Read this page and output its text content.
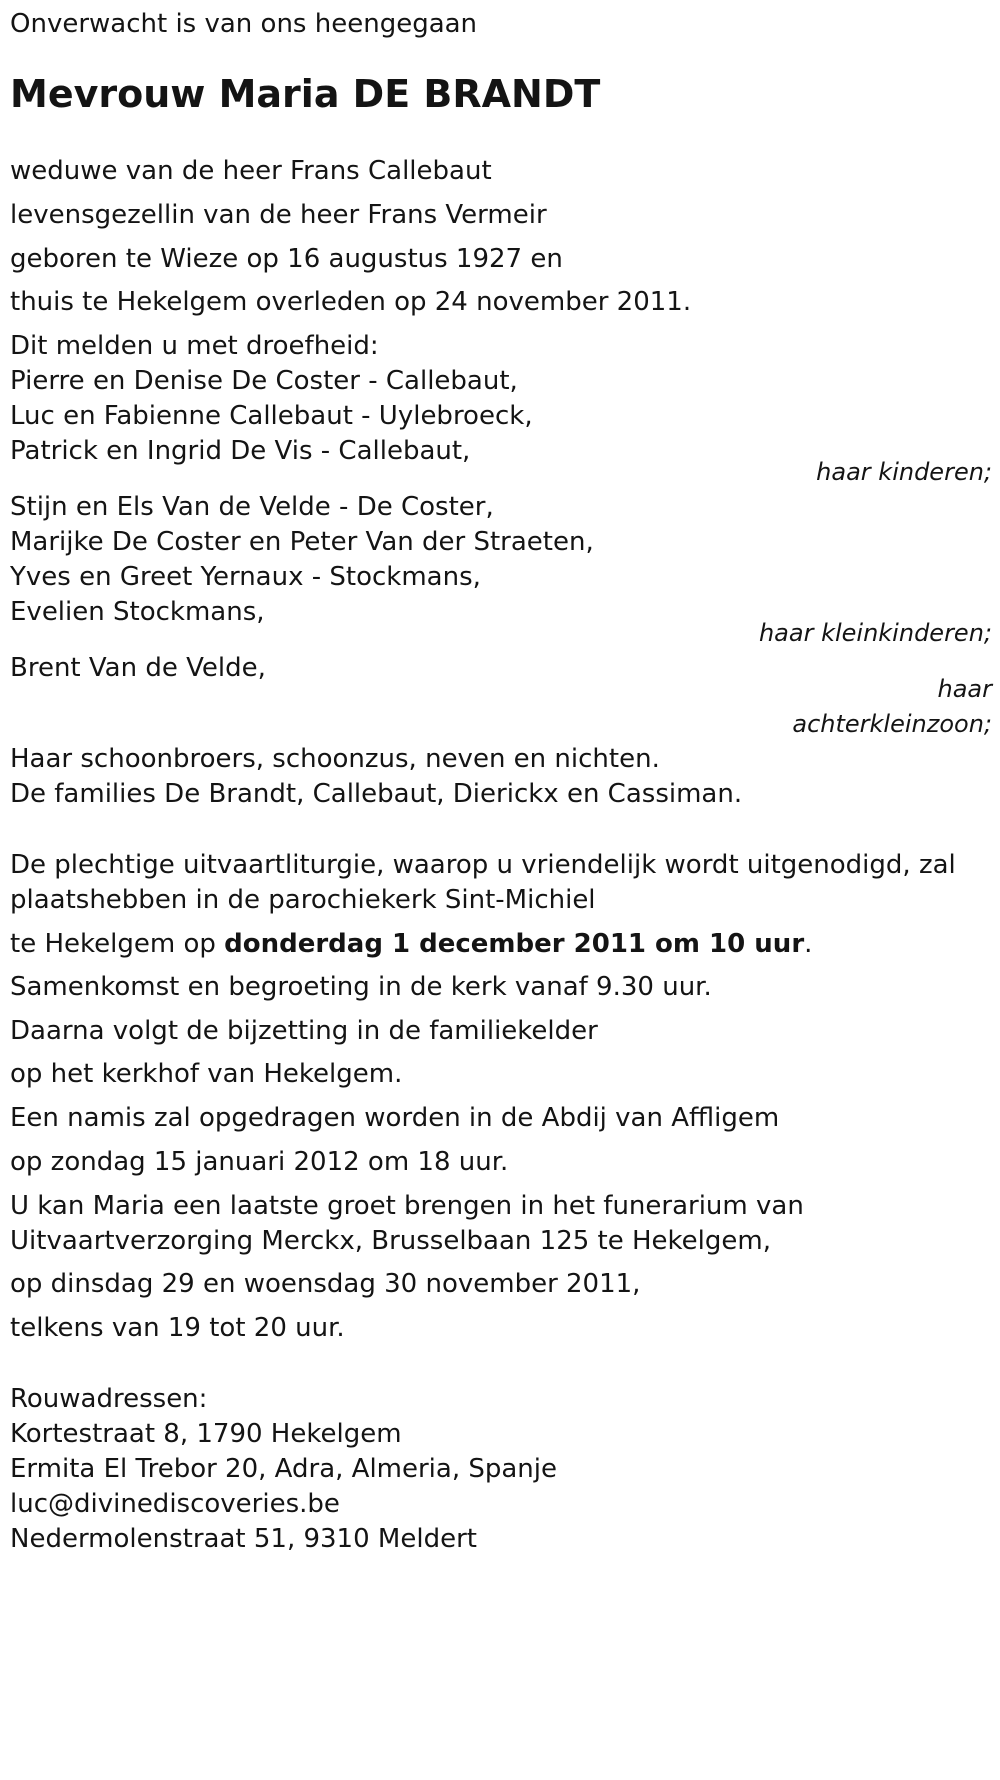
Onverwacht is van ons heengegaan
Mevrouw Maria DE BRANDT
weduwe van de heer Frans Callebaut
levensgezellin van de heer Frans Vermeir
geboren te Wieze op 16 augustus 1927 en
thuis te Hekelgem overleden op 24 november 2011.
Dit melden u met droefheid:
Pierre en Denise De Coster - Callebaut,
Luc en Fabienne Callebaut - Uylebroeck,
Patrick en Ingrid De Vis - Callebaut,
haar kinderen;
Stijn en Els Van de Velde - De Coster,
Marijke De Coster en Peter Van der Straeten,
Yves en Greet Yernaux - Stockmans,
Evelien Stockmans,
haar kleinkinderen;
Brent Van de Velde,
haar
achterkleinzoon;
Haar schoonbroers, schoonzus, neven en nichten.
De families De Brandt, Callebaut, Dierickx en Cassiman.
De plechtige uitvaartliturgie, waarop u vriendelijk wordt uitgenodigd, zal
plaatshebben in de parochiekerk Sint-Michiel
te Hekelgem op donderdag 1 december 2011 om 10 uur.
Samenkomst en begroeting in de kerk vanaf 9.30 uur.
Daarna volgt de bijzetting in de familiekelder
op het kerkhof van Hekelgem.
Een namis zal opgedragen worden in de Abdij van Affligem
op zondag 15 januari 2012 om 18 uur.
U kan Maria een laatste groet brengen in het funerarium van
Uitvaartverzorging Merckx, Brusselbaan 125 te Hekelgem,
op dinsdag 29 en woensdag 30 november 2011,
telkens van 19 tot 20 uur.
Rouwadressen:
Kortestraat 8, 1790 Hekelgem
Ermita El Trebor 20, Adra, Almeria, Spanje
luc@divinediscoveries.be
Nedermolenstraat 51, 9310 Meldert
